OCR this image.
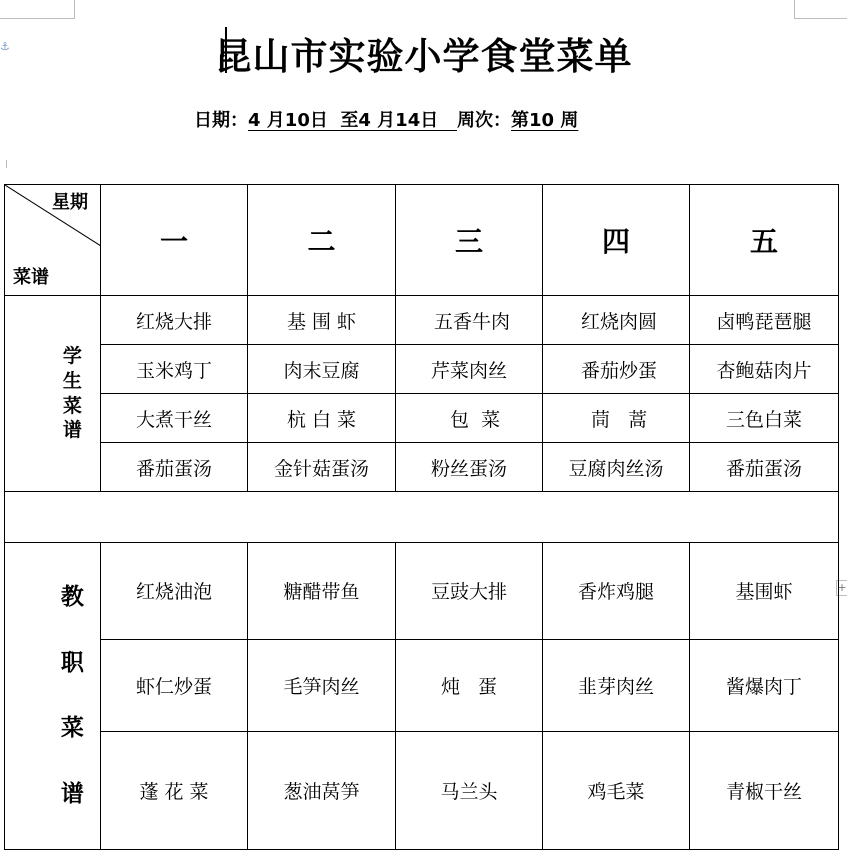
⚓
+
昆山市实验小学食堂菜单
日期：4 月10日  至4 月14日   周次：第10 周

星期

菜谱	一	二	三	四	五

学生菜谱	红烧大排	基 围 虾	五香牛肉	红烧肉圆	卤鸭琵琶腿
	玉米鸡丁	肉末豆腐	芹菜肉丝	番茄炒蛋	杏鲍菇肉片
	大煮干丝	杭 白 菜	包  菜	茼   蒿	三色白菜
	番茄蛋汤	金针菇蛋汤	粉丝蛋汤	豆腐肉丝汤	番茄蛋汤

教职菜谱	红烧油泡	糖醋带鱼	豆豉大排	香炸鸡腿	基围虾
	虾仁炒蛋	毛笋肉丝	炖   蛋	韭芽肉丝	酱爆肉丁
	蓬 花 菜	葱油莴笋	马兰头	鸡毛菜	青椒干丝
